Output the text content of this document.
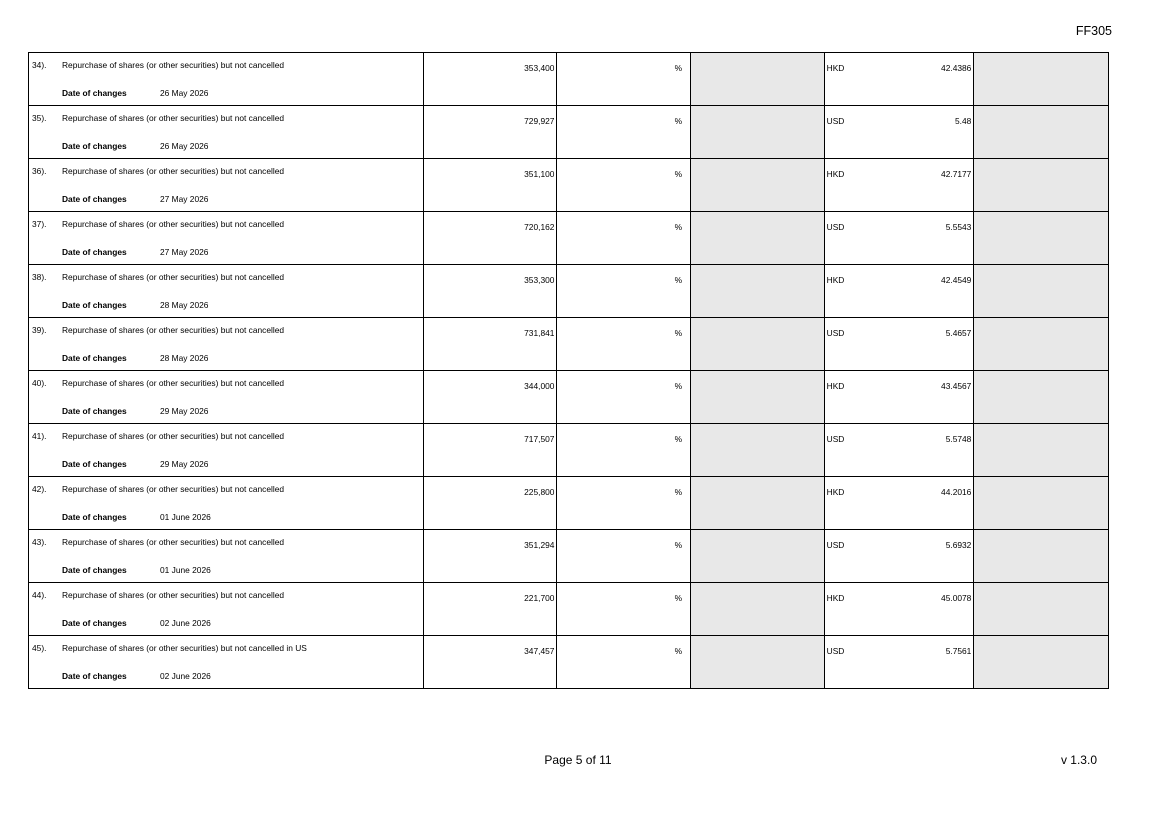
FF305
34). Repurchase of shares (or other securities) but not cancelled
Date of changes 26 May 2026	353,400	%		HKD 42.4386	

35). Repurchase of shares (or other securities) but not cancelled
Date of changes 26 May 2026	729,927	%		USD 5.48	

36). Repurchase of shares (or other securities) but not cancelled
Date of changes 27 May 2026	351,100	%		HKD 42.7177	

37). Repurchase of shares (or other securities) but not cancelled
Date of changes 27 May 2026	720,162	%		USD 5.5543	

38). Repurchase of shares (or other securities) but not cancelled
Date of changes 28 May 2026	353,300	%		HKD 42.4549	

39). Repurchase of shares (or other securities) but not cancelled
Date of changes 28 May 2026	731,841	%		USD 5.4657	

40). Repurchase of shares (or other securities) but not cancelled
Date of changes 29 May 2026	344,000	%		HKD 43.4567	

41). Repurchase of shares (or other securities) but not cancelled
Date of changes 29 May 2026	717,507	%		USD 5.5748	

42). Repurchase of shares (or other securities) but not cancelled
Date of changes 01 June 2026	225,800	%		HKD 44.2016	

43). Repurchase of shares (or other securities) but not cancelled
Date of changes 01 June 2026	351,294	%		USD 5.6932	

44). Repurchase of shares (or other securities) but not cancelled
Date of changes 02 June 2026	221,700	%		HKD 45.0078	

45). Repurchase of shares (or other securities) but not cancelled in US
Date of changes 02 June 2026	347,457	%		USD 5.7561	

Page 5 of 11	v 1.3.0
